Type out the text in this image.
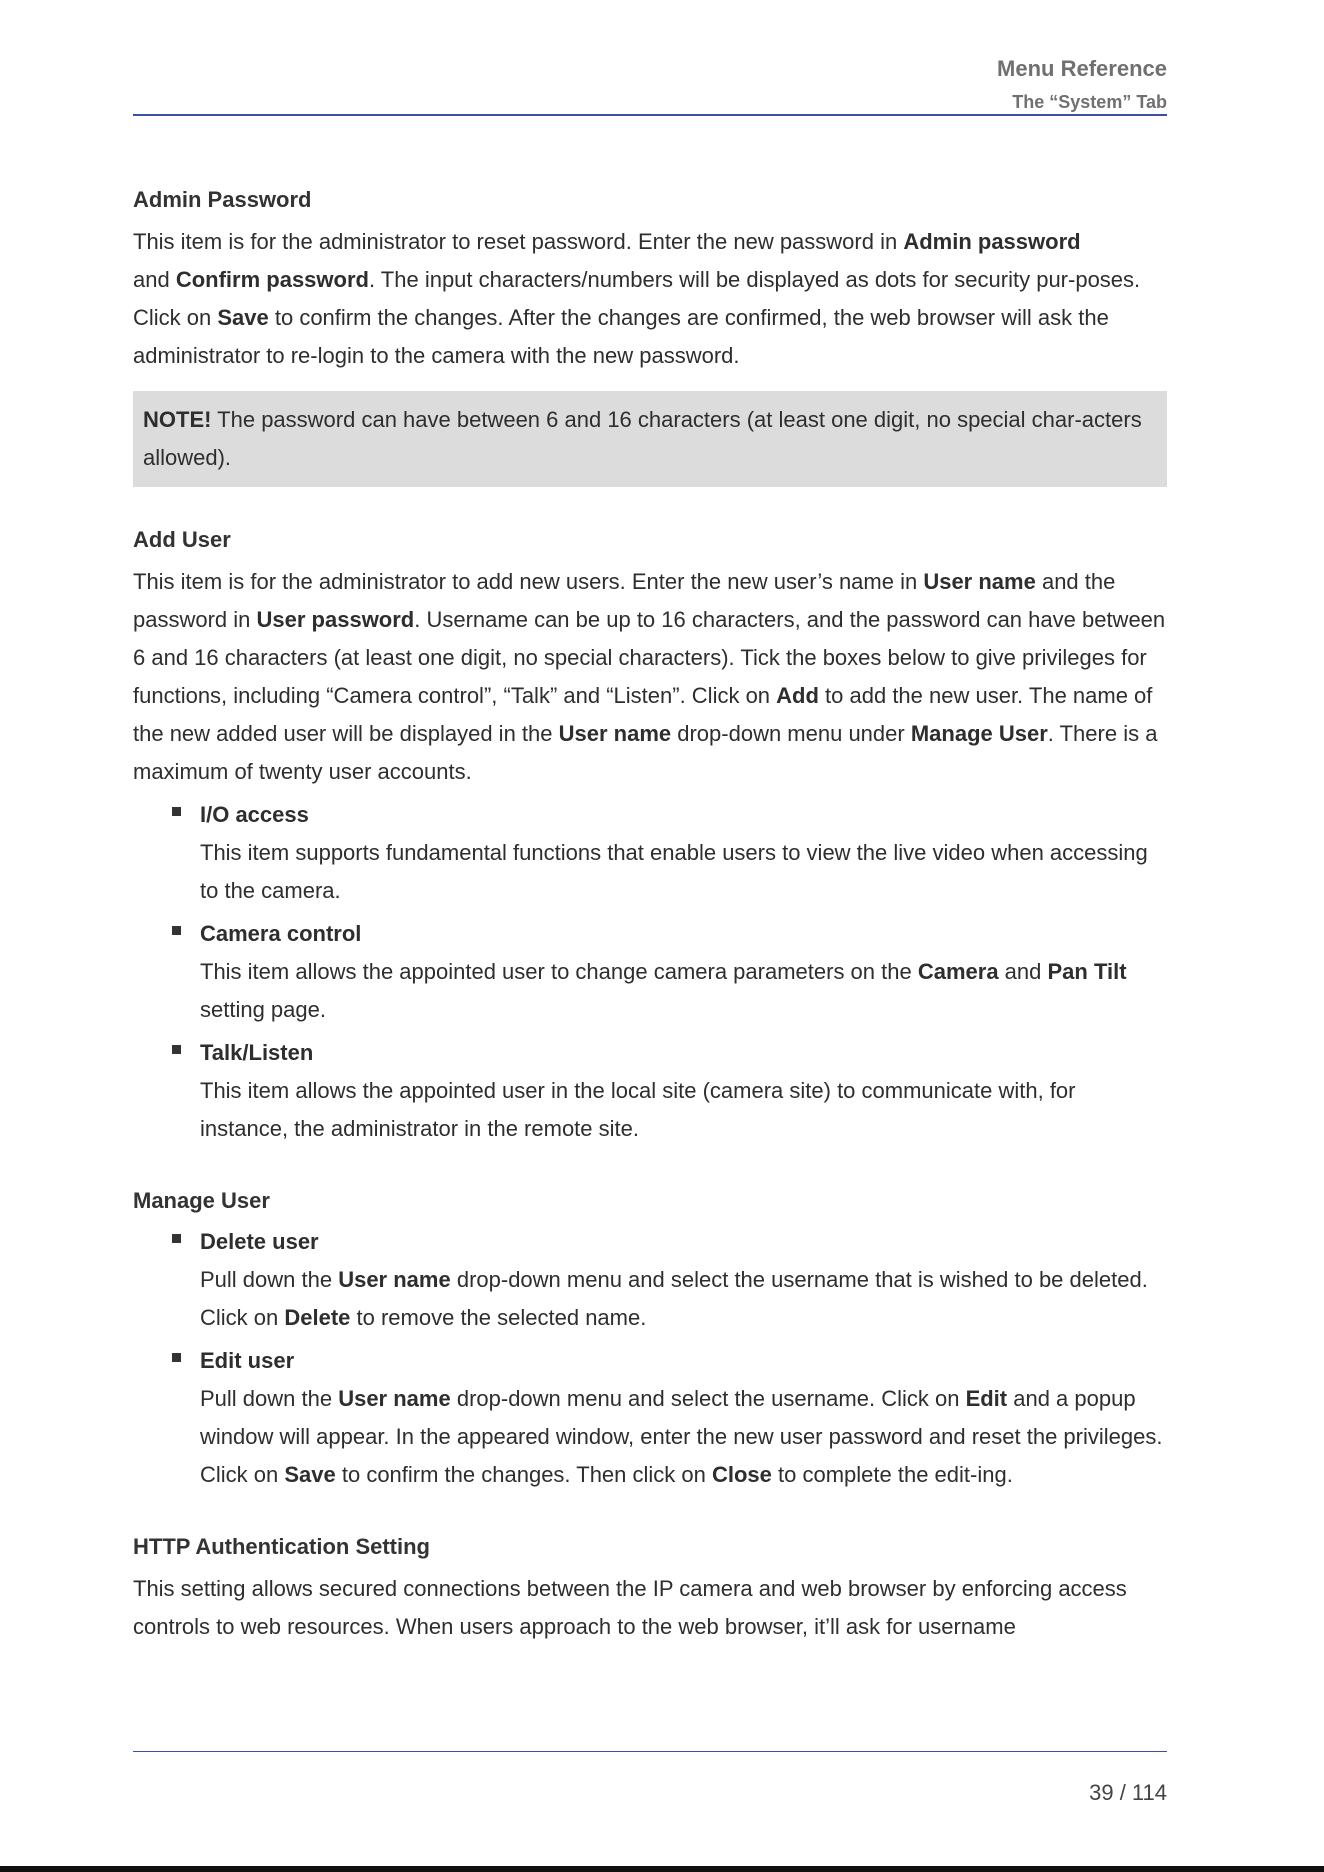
Menu Reference
The “System” Tab

Admin Password

This item is for the administrator to reset password. Enter the new password in Admin password
and Confirm password. The input characters/numbers will be displayed as dots for security pur-poses. Click on Save to confirm the changes. After the changes are confirmed, the web browser will ask the administrator to re-login to the camera with the new password.

NOTE! The password can have between 6 and 16 characters (at least one digit, no special char-acters allowed).

Add User

This item is for the administrator to add new users. Enter the new user’s name in User name and the password in User password. Username can be up to 16 characters, and the password can have between 6 and 16 characters (at least one digit, no special characters). Tick the boxes below to give privileges for functions, including “Camera control”, “Talk” and “Listen”. Click on Add to add the new user. The name of the new added user will be displayed in the User name drop-down menu under Manage User. There is a maximum of twenty user accounts.

I/O access

This item supports fundamental functions that enable users to view the live video when accessing to the camera.

Camera control

This item allows the appointed user to change camera parameters on the Camera and Pan Tilt setting page.

Talk/Listen

This item allows the appointed user in the local site (camera site) to communicate with, for instance, the administrator in the remote site.

Manage User

Delete user

Pull down the User name drop-down menu and select the username that is wished to be deleted. Click on Delete to remove the selected name.

Edit user

Pull down the User name drop-down menu and select the username. Click on Edit and a popup window will appear. In the appeared window, enter the new user password and reset the privileges. Click on Save to confirm the changes. Then click on Close to complete the edit-ing.

HTTP Authentication Setting

This setting allows secured connections between the IP camera and web browser by enforcing access controls to web resources. When users approach to the web browser, it’ll ask for username

39 / 114
